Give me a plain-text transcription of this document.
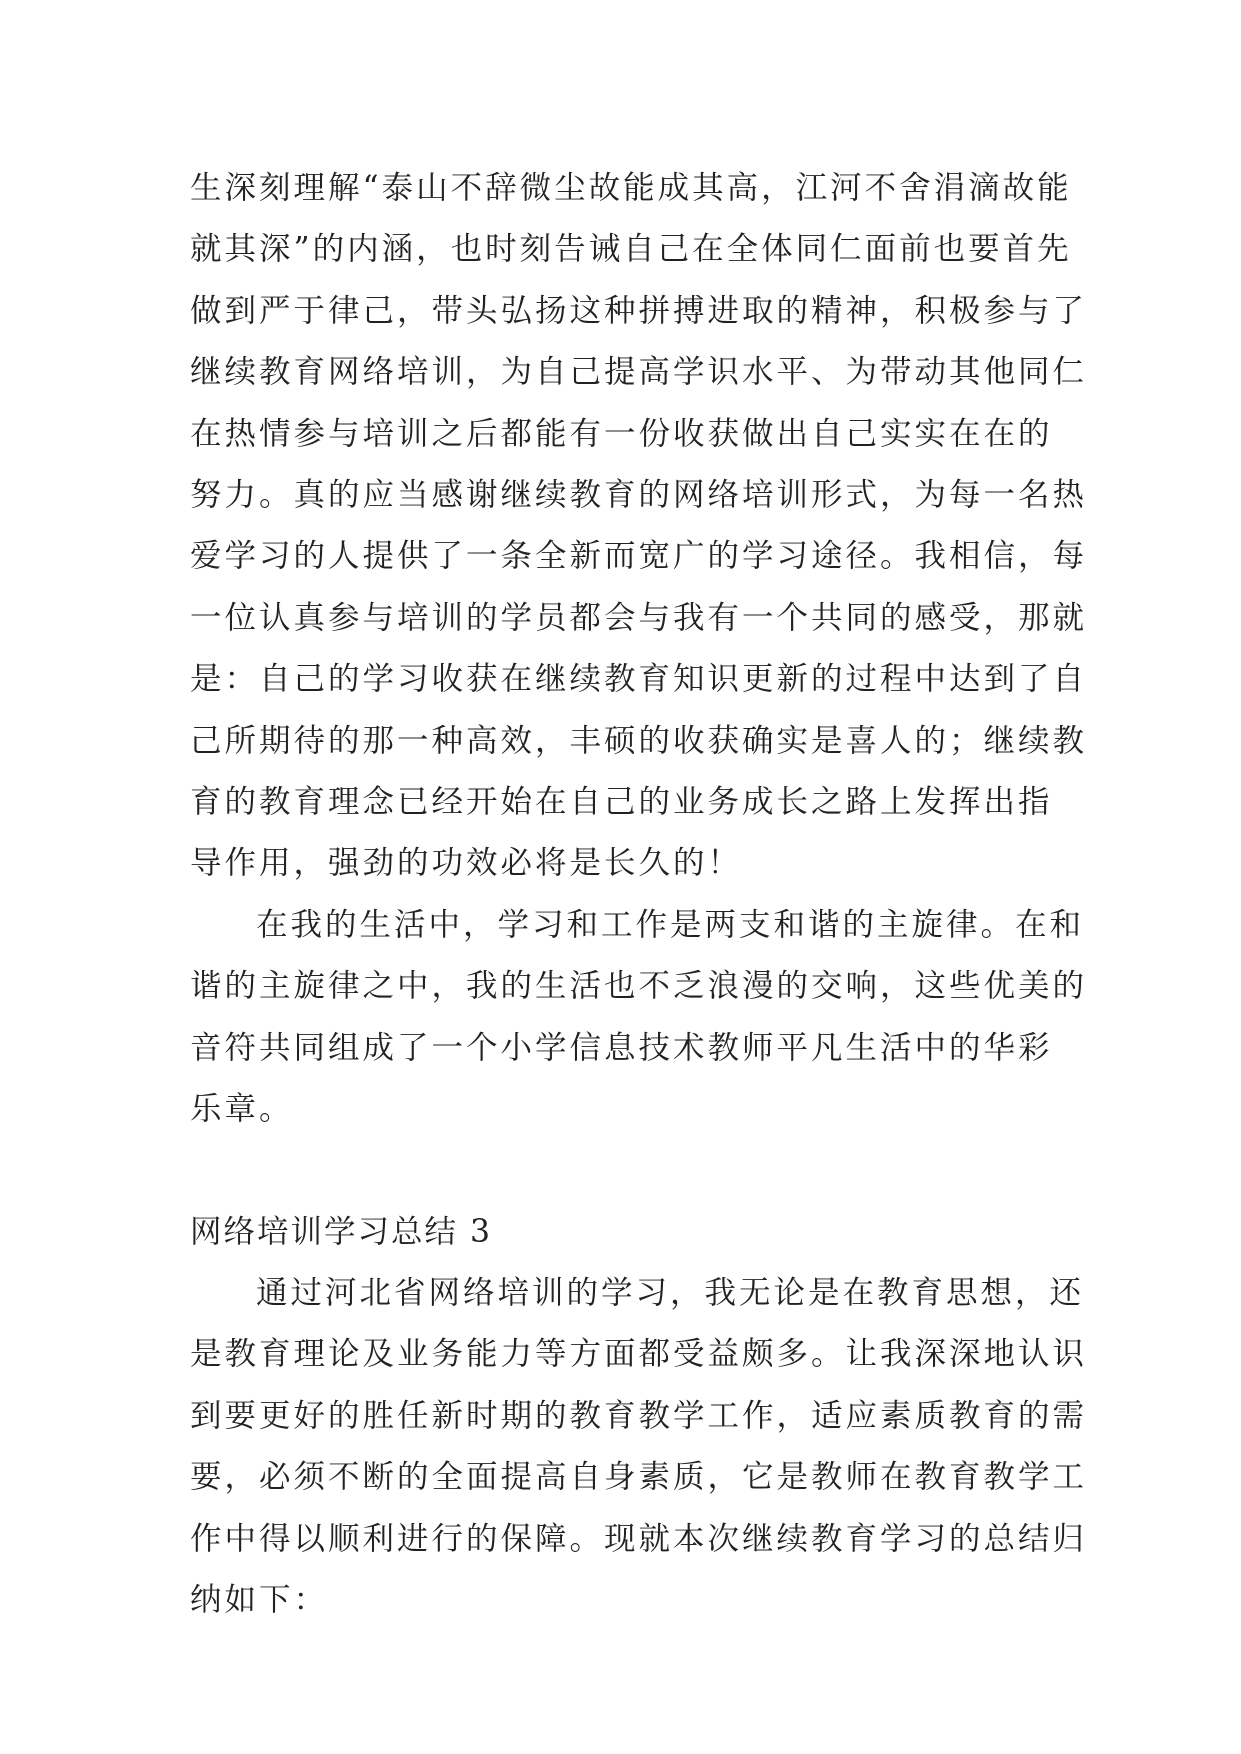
生深刻理解“泰山不辞微尘故能成其高，江河不舍涓滴故能
就其深”的内涵，也时刻告诫自己在全体同仁面前也要首先
做到严于律己，带头弘扬这种拼搏进取的精神，积极参与了
继续教育网络培训，为自己提高学识水平、为带动其他同仁
在热情参与培训之后都能有一份收获做出自己实实在在的
努力。真的应当感谢继续教育的网络培训形式，为每一名热
爱学习的人提供了一条全新而宽广的学习途径。我相信，每
一位认真参与培训的学员都会与我有一个共同的感受，那就
是：自己的学习收获在继续教育知识更新的过程中达到了自
己所期待的那一种高效，丰硕的收获确实是喜人的；继续教
育的教育理念已经开始在自己的业务成长之路上发挥出指
导作用，强劲的功效必将是长久的！

在我的生活中，学习和工作是两支和谐的主旋律。在和
谐的主旋律之中，我的生活也不乏浪漫的交响，这些优美的
音符共同组成了一个小学信息技术教师平凡生活中的华彩
乐章。

网络培训学习总结 3

通过河北省网络培训的学习，我无论是在教育思想，还
是教育理论及业务能力等方面都受益颇多。让我深深地认识
到要更好的胜任新时期的教育教学工作，适应素质教育的需
要，必须不断的全面提高自身素质，它是教师在教育教学工
作中得以顺利进行的保障。现就本次继续教育学习的总结归
纳如下：
